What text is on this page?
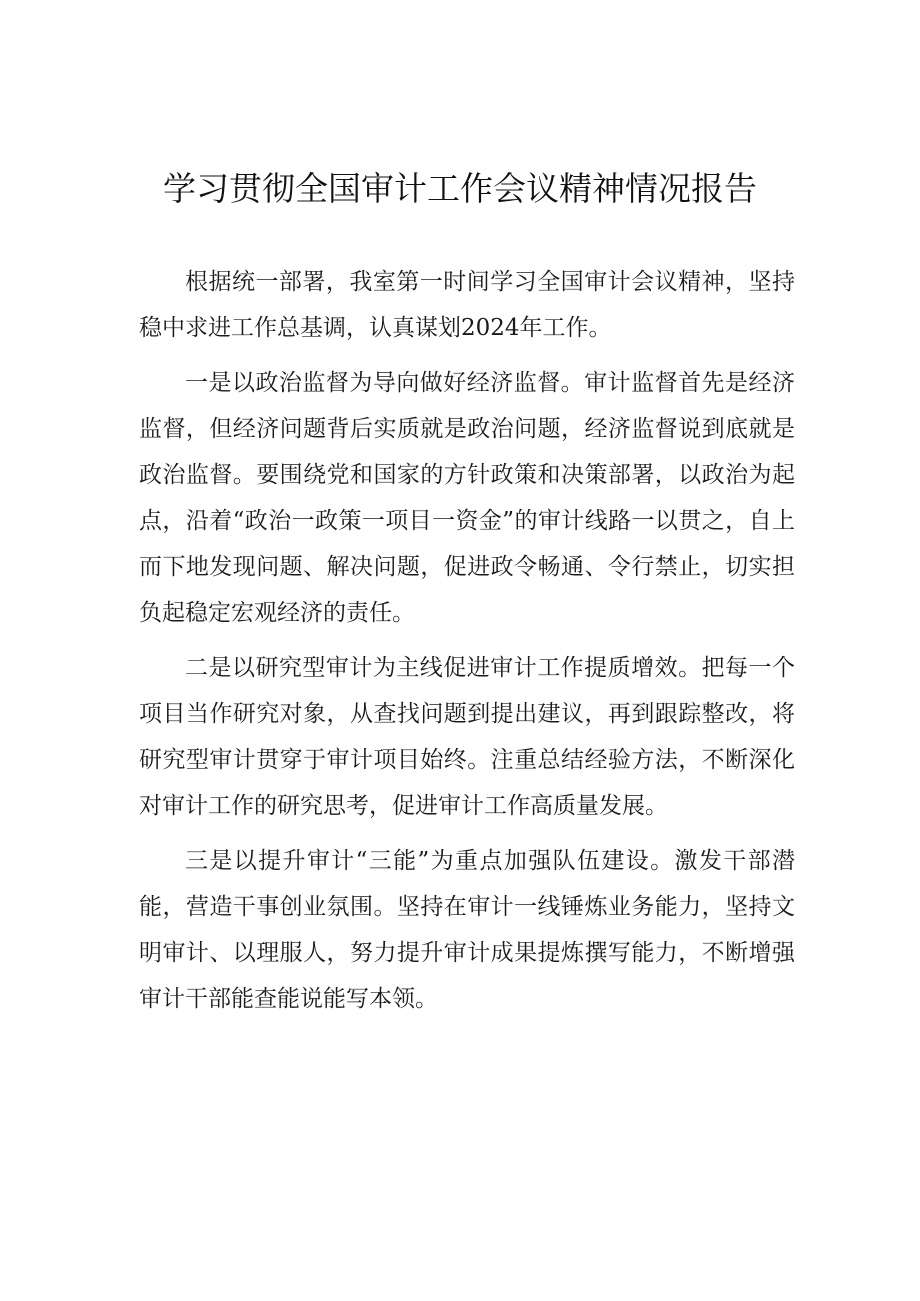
学习贯彻全国审计工作会议精神情况报告

根据统一部署，我室第一时间学习全国审计会议精神，坚持稳中求进工作总基调，认真谋划2024年工作。

一是以政治监督为导向做好经济监督。审计监督首先是经济监督，但经济问题背后实质就是政治问题，经济监督说到底就是政治监督。要围绕党和国家的方针政策和决策部署，以政治为起点，沿着“政治一政策一项目一资金”的审计线路一以贯之，自上而下地发现问题、解决问题，促进政令畅通、令行禁止，切实担负起稳定宏观经济的责任。

二是以研究型审计为主线促进审计工作提质增效。把每一个项目当作研究对象，从查找问题到提出建议，再到跟踪整改，将研究型审计贯穿于审计项目始终。注重总结经验方法，不断深化对审计工作的研究思考，促进审计工作高质量发展。

三是以提升审计“三能”为重点加强队伍建设。激发干部潜能，营造干事创业氛围。坚持在审计一线锤炼业务能力，坚持文明审计、以理服人，努力提升审计成果提炼撰写能力，不断增强审计干部能查能说能写本领。
